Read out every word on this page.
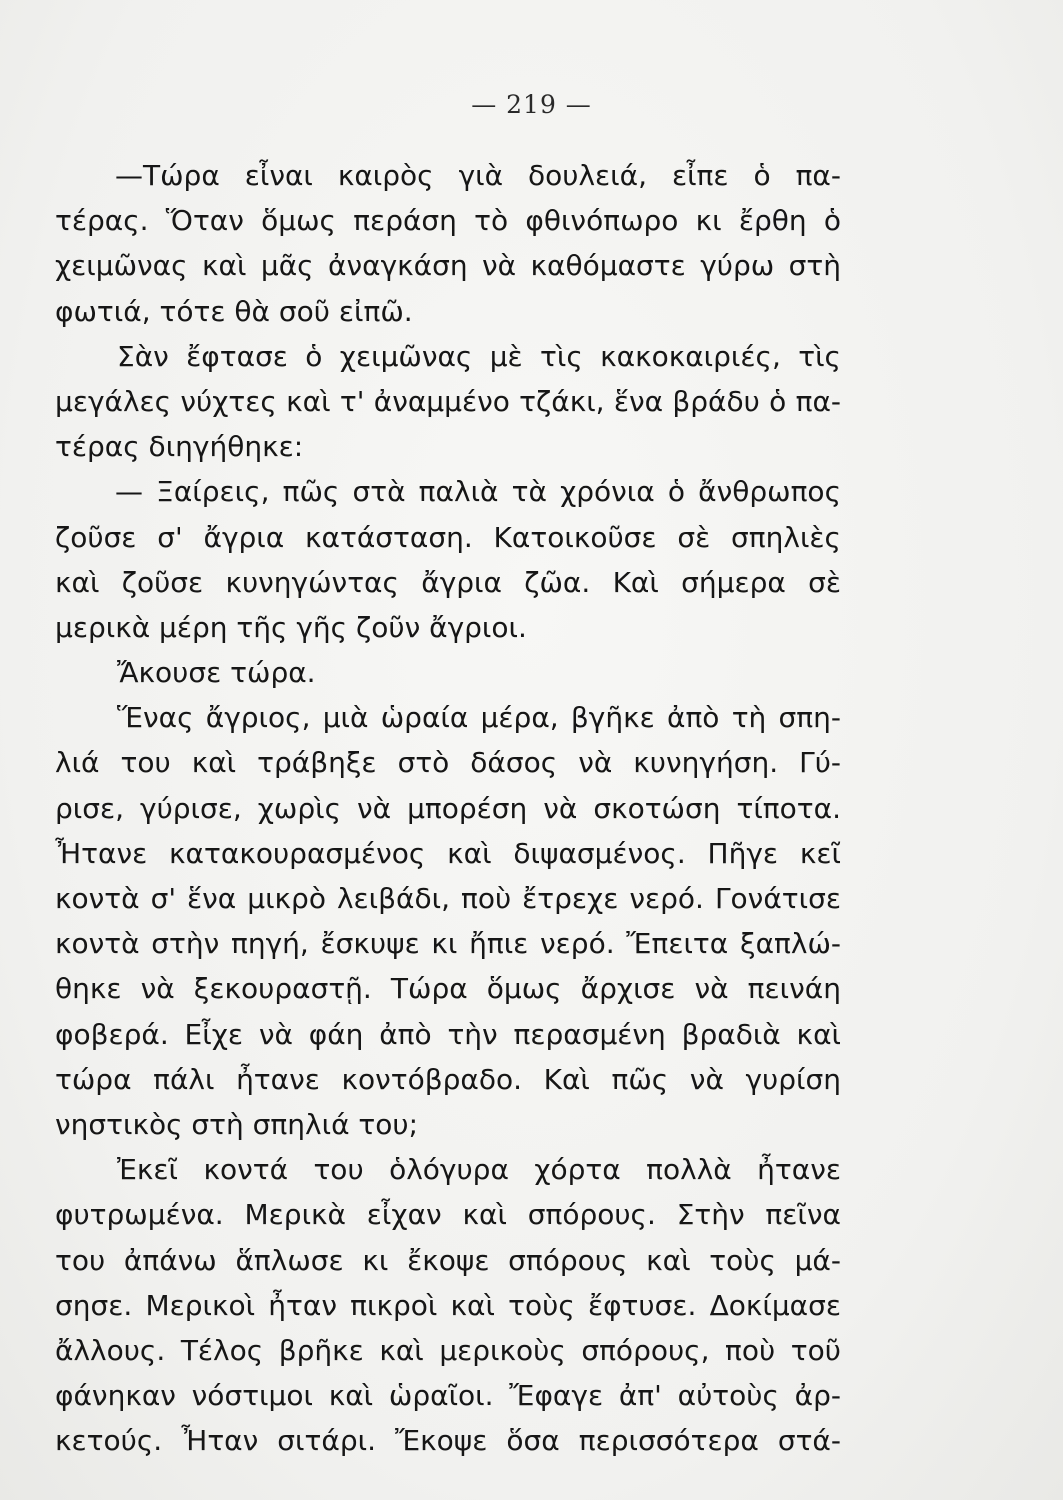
— 219 —
—Τώρα εἶναι καιρὸς γιὰ δουλειά, εἶπε ὁ πα-
τέρας. Ὅταν ὅμως περάση τὸ φθινόπωρο κι ἔρθη ὁ
χειμῶνας καὶ μᾶς ἀναγκάση νὰ καθόμαστε γύρω στὴ
φωτιά, τότε θὰ σοῦ εἰπῶ.
Σὰν ἔφτασε ὁ χειμῶνας μὲ τὶς κακοκαιριές, τὶς
μεγάλες νύχτες καὶ τ' ἀναμμένο τζάκι, ἕνα βράδυ ὁ πα-
τέρας διηγήθηκε:
— Ξαίρεις, πῶς στὰ παλιὰ τὰ χρόνια ὁ ἄνθρωπος
ζοῦσε σ' ἄγρια κατάσταση. Κατοικοῦσε σὲ σπηλιὲς
καὶ ζοῦσε κυνηγώντας ἄγρια ζῶα. Καὶ σήμερα σὲ
μερικὰ μέρη τῆς γῆς ζοῦν ἄγριοι.
Ἄκουσε τώρα.
Ἕνας ἄγριος, μιὰ ὡραία μέρα, βγῆκε ἀπὸ τὴ σπη-
λιά του καὶ τράβηξε στὸ δάσος νὰ κυνηγήση. Γύ-
ρισε, γύρισε, χωρὶς νὰ μπορέση νὰ σκοτώση τίποτα.
Ἦτανε κατακουρασμένος καὶ διψασμένος. Πῆγε κεῖ
κοντὰ σ' ἕνα μικρὸ λειβάδι, ποὺ ἔτρεχε νερό. Γονάτισε
κοντὰ στὴν πηγή, ἔσκυψε κι ἤπιε νερό. Ἔπειτα ξαπλώ-
θηκε νὰ ξεκουραστῇ. Τώρα ὅμως ἄρχισε νὰ πεινάη
φοβερά. Εἶχε νὰ φάη ἀπὸ τὴν περασμένη βραδιὰ καὶ
τώρα πάλι ἦτανε κοντόβραδο. Καὶ πῶς νὰ γυρίση
νηστικὸς στὴ σπηλιά του;
Ἐκεῖ κοντά του ὁλόγυρα χόρτα πολλὰ ἦτανε
φυτρωμένα. Μερικὰ εἶχαν καὶ σπόρους. Στὴν πεῖνα
του ἀπάνω ἅπλωσε κι ἔκοψε σπόρους καὶ τοὺς μά-
σησε. Μερικοὶ ἦταν πικροὶ καὶ τοὺς ἔφτυσε. Δοκίμασε
ἄλλους. Τέλος βρῆκε καὶ μερικοὺς σπόρους, ποὺ τοῦ
φάνηκαν νόστιμοι καὶ ὡραῖοι. Ἔφαγε ἀπ' αὐτοὺς ἀρ-
κετούς. Ἦταν σιτάρι. Ἔκοψε ὅσα περισσότερα στά-
